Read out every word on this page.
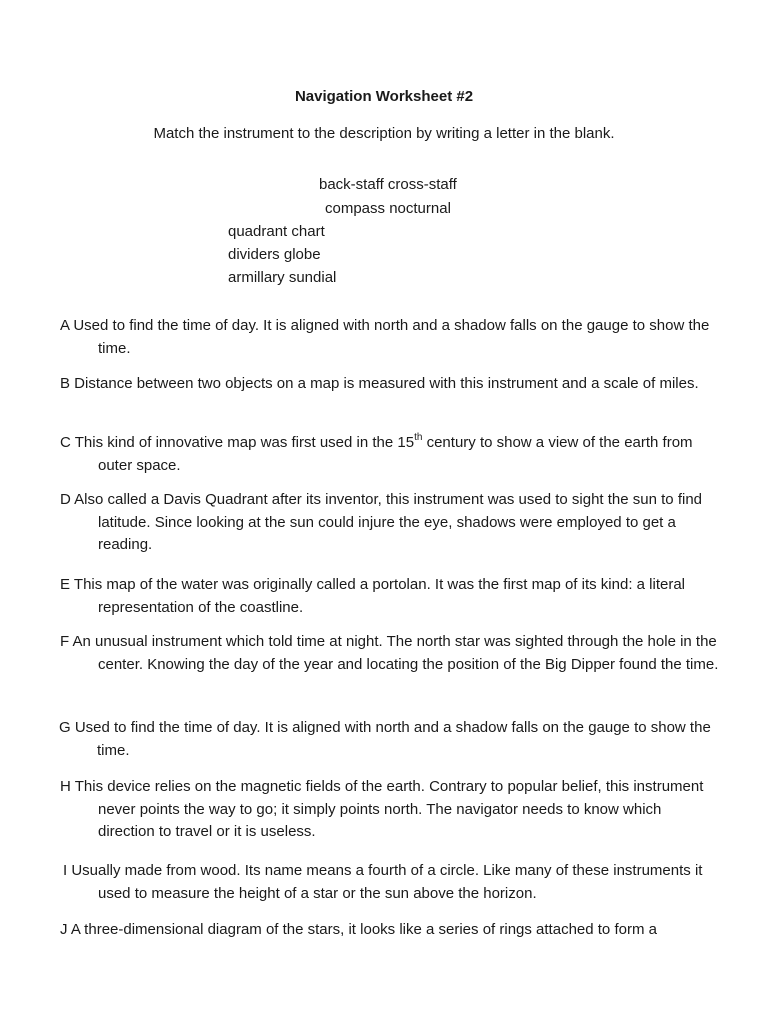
Navigation Worksheet #2
Match the instrument to the description by writing a letter in the blank.
back-staff cross-staff
compass nocturnal
quadrant chart
dividers globe
armillary sundial
A Used to find the time of day. It is aligned with north and a shadow falls on the gauge to show the time.
B Distance between two objects on a map is measured with this instrument and a scale of miles.
C This kind of innovative map was first used in the 15th century to show a view of the earth from outer space.
D Also called a Davis Quadrant after its inventor, this instrument was used to sight the sun to find latitude. Since looking at the sun could injure the eye, shadows were employed to get a reading.
E This map of the water was originally called a portolan. It was the first map of its kind: a literal representation of the coastline.
F An unusual instrument which told time at night. The north star was sighted through the hole in the center. Knowing the day of the year and locating the position of the Big Dipper found the time.
G Used to find the time of day. It is aligned with north and a shadow falls on the gauge to show the time.
H This device relies on the magnetic fields of the earth. Contrary to popular belief, this instrument never points the way to go; it simply points north. The navigator needs to know which direction to travel or it is useless.
I Usually made from wood. Its name means a fourth of a circle. Like many of these instruments it used to measure the height of a star or the sun above the horizon.
J A three-dimensional diagram of the stars, it looks like a series of rings attached to form a
